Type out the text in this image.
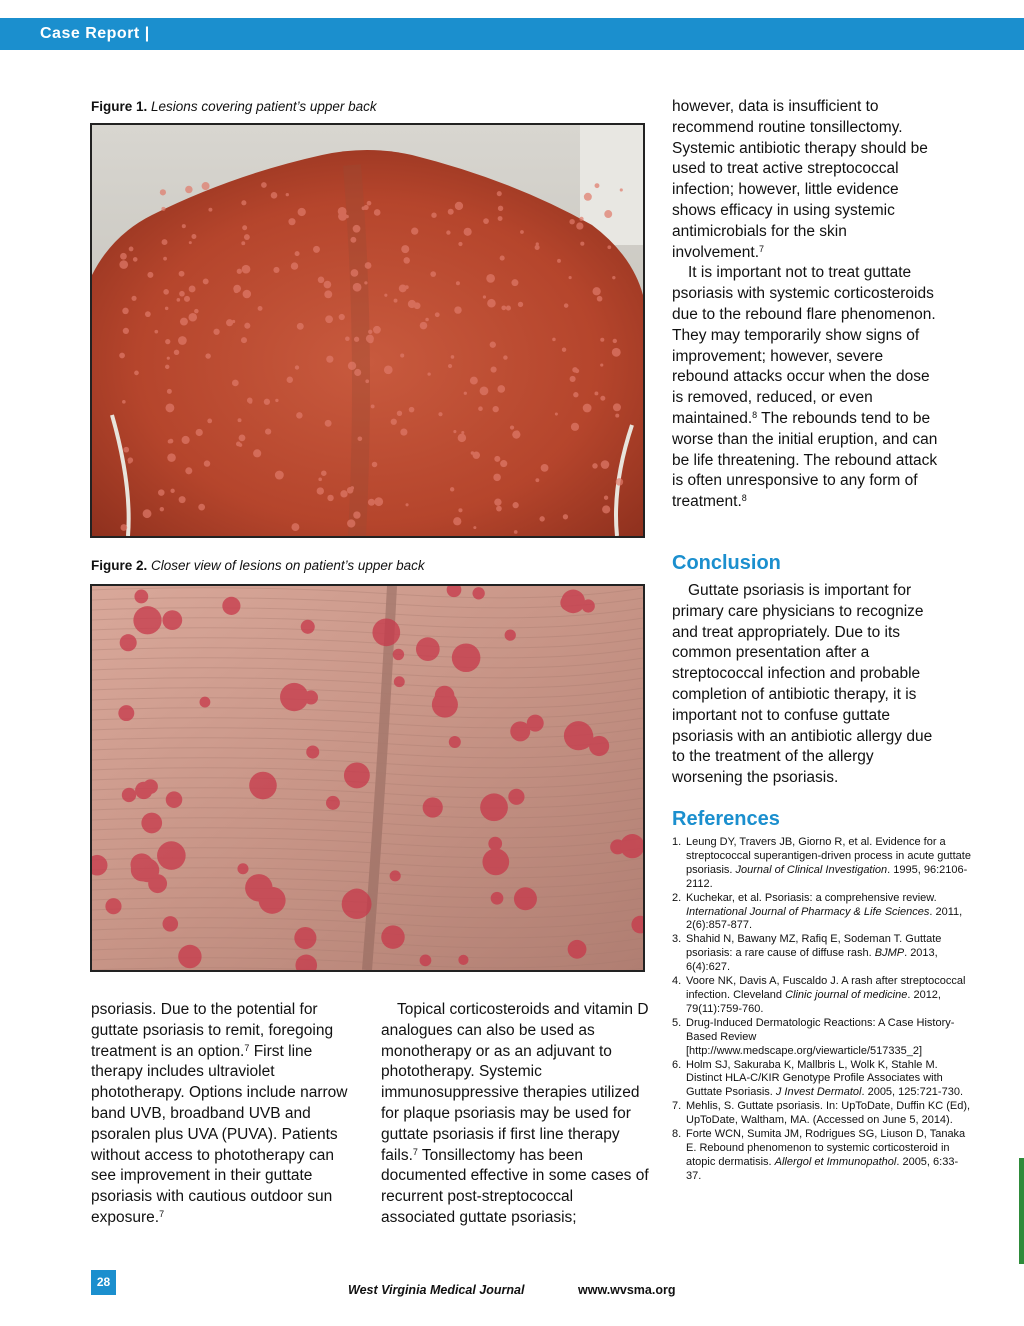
Case Report |
Figure 1. Lesions covering patient’s upper back
Figure 2. Closer view of lesions on patient’s upper back

psoriasis. Due to the potential for guttate psoriasis to remit, foregoing treatment is an option.$^7$ First line therapy includes ultraviolet phototherapy. Options include narrow band UVB, broadband UVB and psoralen plus UVA (PUVA). Patients without access to phototherapy can see improvement in their guttate psoriasis with cautious outdoor sun exposure.$^7$

Topical corticosteroids and vitamin D analogues can also be used as monotherapy or as an adjuvant to phototherapy. Systemic immunosuppressive therapies utilized for plaque psoriasis may be used for guttate psoriasis if first line therapy fails.$^7$ Tonsillectomy has been documented effective in some cases of recurrent post-streptococcal associated guttate psoriasis;

however, data is insufficient to recommend routine tonsillectomy. Systemic antibiotic therapy should be used to treat active streptococcal infection; however, little evidence shows efficacy in using systemic antimicrobials for the skin involvement.$^7$

It is important not to treat guttate psoriasis with systemic corticosteroids due to the rebound flare phenomenon. They may temporarily show signs of improvement; however, severe rebound attacks occur when the dose is removed, reduced, or even maintained.$^8$ The rebounds tend to be worse than the initial eruption, and can be life threatening. The rebound attack is often unresponsive to any form of treatment.$^8$

Conclusion

Guttate psoriasis is important for primary care physicians to recognize and treat appropriately. Due to its common presentation after a streptococcal infection and probable completion of antibiotic therapy, it is important not to confuse guttate psoriasis with an antibiotic allergy due to the treatment of the allergy worsening the psoriasis.

References
1. Leung DY, Travers JB, Giorno R, et al. Evidence for a streptococcal superantigen-driven process in acute guttate psoriasis. Journal of Clinical Investigation. 1995, 96:2106-2112.
2. Kuchekar, et al. Psoriasis: a comprehensive review. International Journal of Pharmacy & Life Sciences. 2011, 2(6):857-877.
3. Shahid N, Bawany MZ, Rafiq E, Sodeman T. Guttate psoriasis: a rare cause of diffuse rash. BJMP. 2013, 6(4):627.
4. Voore NK, Davis A, Fuscaldo J. A rash after streptococcal infection. Cleveland Clinic journal of medicine. 2012, 79(11):759-760.
5. Drug-Induced Dermatologic Reactions: A Case History-Based Review [http://www.medscape.org/viewarticle/517335_2]
6. Holm SJ, Sakuraba K, Mallbris L, Wolk K, Stahle M. Distinct HLA-C/KIR Genotype Profile Associates with Guttate Psoriasis. J Invest Dermatol. 2005, 125:721-730.
7. Mehlis, S. Guttate psoriasis. In: UpToDate, Duffin KC (Ed), UpToDate, Waltham, MA. (Accessed on June 5, 2014).
8. Forte WCN, Sumita JM, Rodrigues SG, Liuson D, Tanaka E. Rebound phenomenon to systemic corticosteroid in atopic dermatisis. Allergol et Immunopathol. 2005, 6:33-37.
28
West Virginia Medical Journal	www.wvsma.org
